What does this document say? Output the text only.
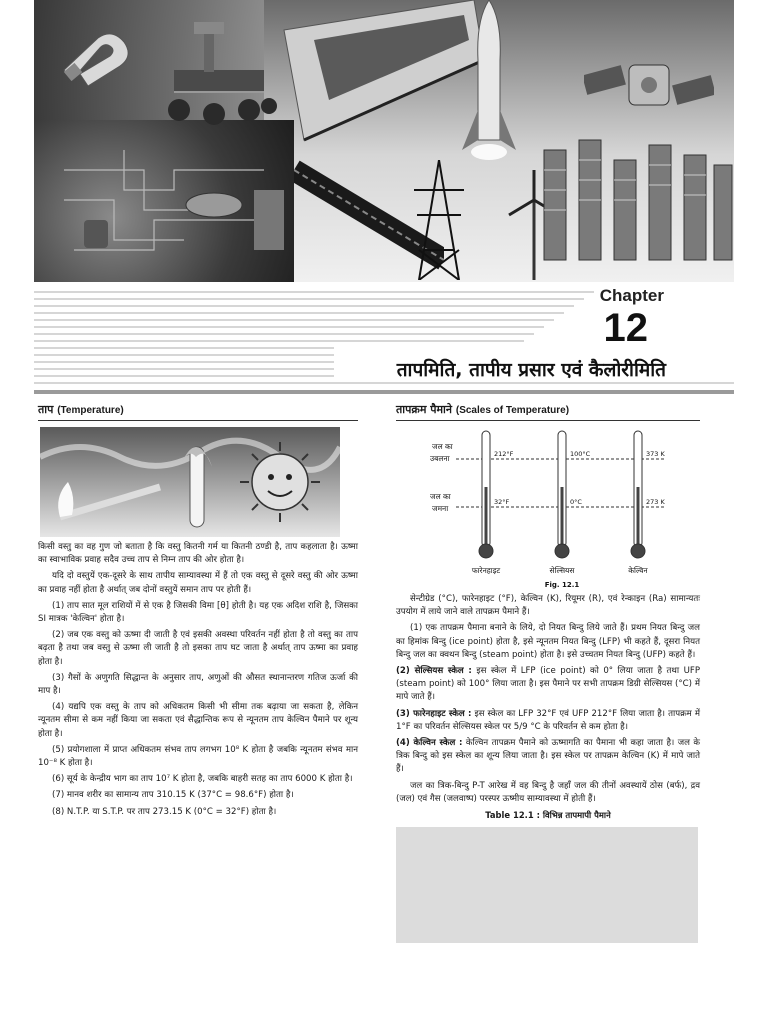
Chapter
12
तापमिति, तापीय प्रसार एवं कैलोरीमिति
ताप (Temperature)

किसी वस्तु का वह गुण जो बताता है कि वस्तु कितनी गर्म या कितनी ठण्डी है, ताप कहलाता है। ऊष्मा का स्वाभाविक प्रवाह सदैव उच्च ताप से निम्न ताप की ओर होता है।

यदि दो वस्तुयें एक-दूसरे के साथ तापीय साम्यावस्था में हैं तो एक वस्तु से दूसरे वस्तु की ओर ऊष्मा का प्रवाह नहीं होता है अर्थात् जब दोनों वस्तुयें समान ताप पर होती हैं।

(1) ताप सात मूल राशियों में से एक है जिसकी विमा [θ] होती है। यह एक अदिश राशि है, जिसका SI मात्रक 'केल्विन' होता है।

(2) जब एक वस्तु को ऊष्मा दी जाती है एवं इसकी अवस्था परिवर्तन नहीं होता है तो वस्तु का ताप बढ़ता है तथा जब वस्तु से ऊष्मा ली जाती है तो इसका ताप घट जाता है अर्थात् ताप ऊष्मा का प्रवाह होता है।

(3) गैसों के अणुगति सिद्धान्त के अनुसार ताप, अणुओं की औसत स्थानान्तरण गतिज ऊर्जा की माप है।

(4) यद्यपि एक वस्तु के ताप को अधिकतम किसी भी सीमा तक बढ़ाया जा सकता है, लेकिन न्यूनतम सीमा से कम नहीं किया जा सकता एवं सैद्धान्तिक रूप से न्यूनतम ताप केल्विन पैमाने पर शून्य होता है।

(5) प्रयोगशाला में प्राप्त अधिकतम संभव ताप लगभग 10⁸ K होता है जबकि न्यूनतम संभव मान 10⁻⁸ K होता है।

(6) सूर्य के केन्द्रीय भाग का ताप 10⁷ K होता है, जबकि बाहरी सतह का ताप 6000 K होता है।

(7) मानव शरीर का सामान्य ताप 310.15 K (37°C = 98.6°F) होता है।

(8) N.T.P. या S.T.P. पर ताप 273.15 K (0°C = 32°F) होता है।

तापक्रम पैमाने (Scales of Temperature)
जल का
उबलना
जल का
जमना
212°F
32°F
100°C
0°C
373 K
273 K
फारेनहाइट	सेल्सियस	केल्विन
Fig. 12.1

सेन्टीग्रेड (°C), फारेनहाइट (°F), केल्विन (K), रियूमर (R), एवं रेन्काइन (Ra) सामान्यतः उपयोग में लाये जाने वाले तापक्रम पैमाने हैं।

(1) एक तापक्रम पैमाना बनाने के लिये, दो नियत बिन्दु लिये जाते हैं। प्रथम नियत बिन्दु जल का हिमांक बिन्दु (ice point) होता है, इसे न्यूनतम नियत बिन्दु (LFP) भी कहते हैं, दूसरा नियत बिन्दु जल का क्वथन बिन्दु (steam point) होता है। इसे उच्चतम नियत बिन्दु (UFP) कहते हैं।

(2) सेल्सियस स्केल : इस स्केल में LFP (ice point) को 0° लिया जाता है तथा UFP (steam point) को 100° लिया जाता है। इस पैमाने पर सभी तापक्रम डिग्री सेल्सियस (°C) में मापे जाते हैं।

(3) फारेनहाइट स्केल : इस स्केल का LFP 32°F एवं UFP 212°F लिया जाता है। तापक्रम में 1°F का परिवर्तन सेल्सियस स्केल पर 5/9 °C के परिवर्तन से कम होता है।

(4) केल्विन स्केल : केल्विन तापक्रम पैमाने को ऊष्मागति का पैमाना भी कहा जाता है। जल के त्रिक बिन्दु को इस स्केल का शून्य लिया जाता है। इस स्केल पर तापक्रम केल्विन (K) में मापे जाते हैं।

जल का त्रिक-बिन्दु P-T आरेख में वह बिन्दु है जहाँ जल की तीनों अवस्थायें ठोस (बर्फ), द्रव (जल) एवं गैस (जलवाष्प) परस्पर ऊष्मीय साम्यावस्था में होती हैं।

Table 12.1 : विभिन्न तापमापी पैमाने
